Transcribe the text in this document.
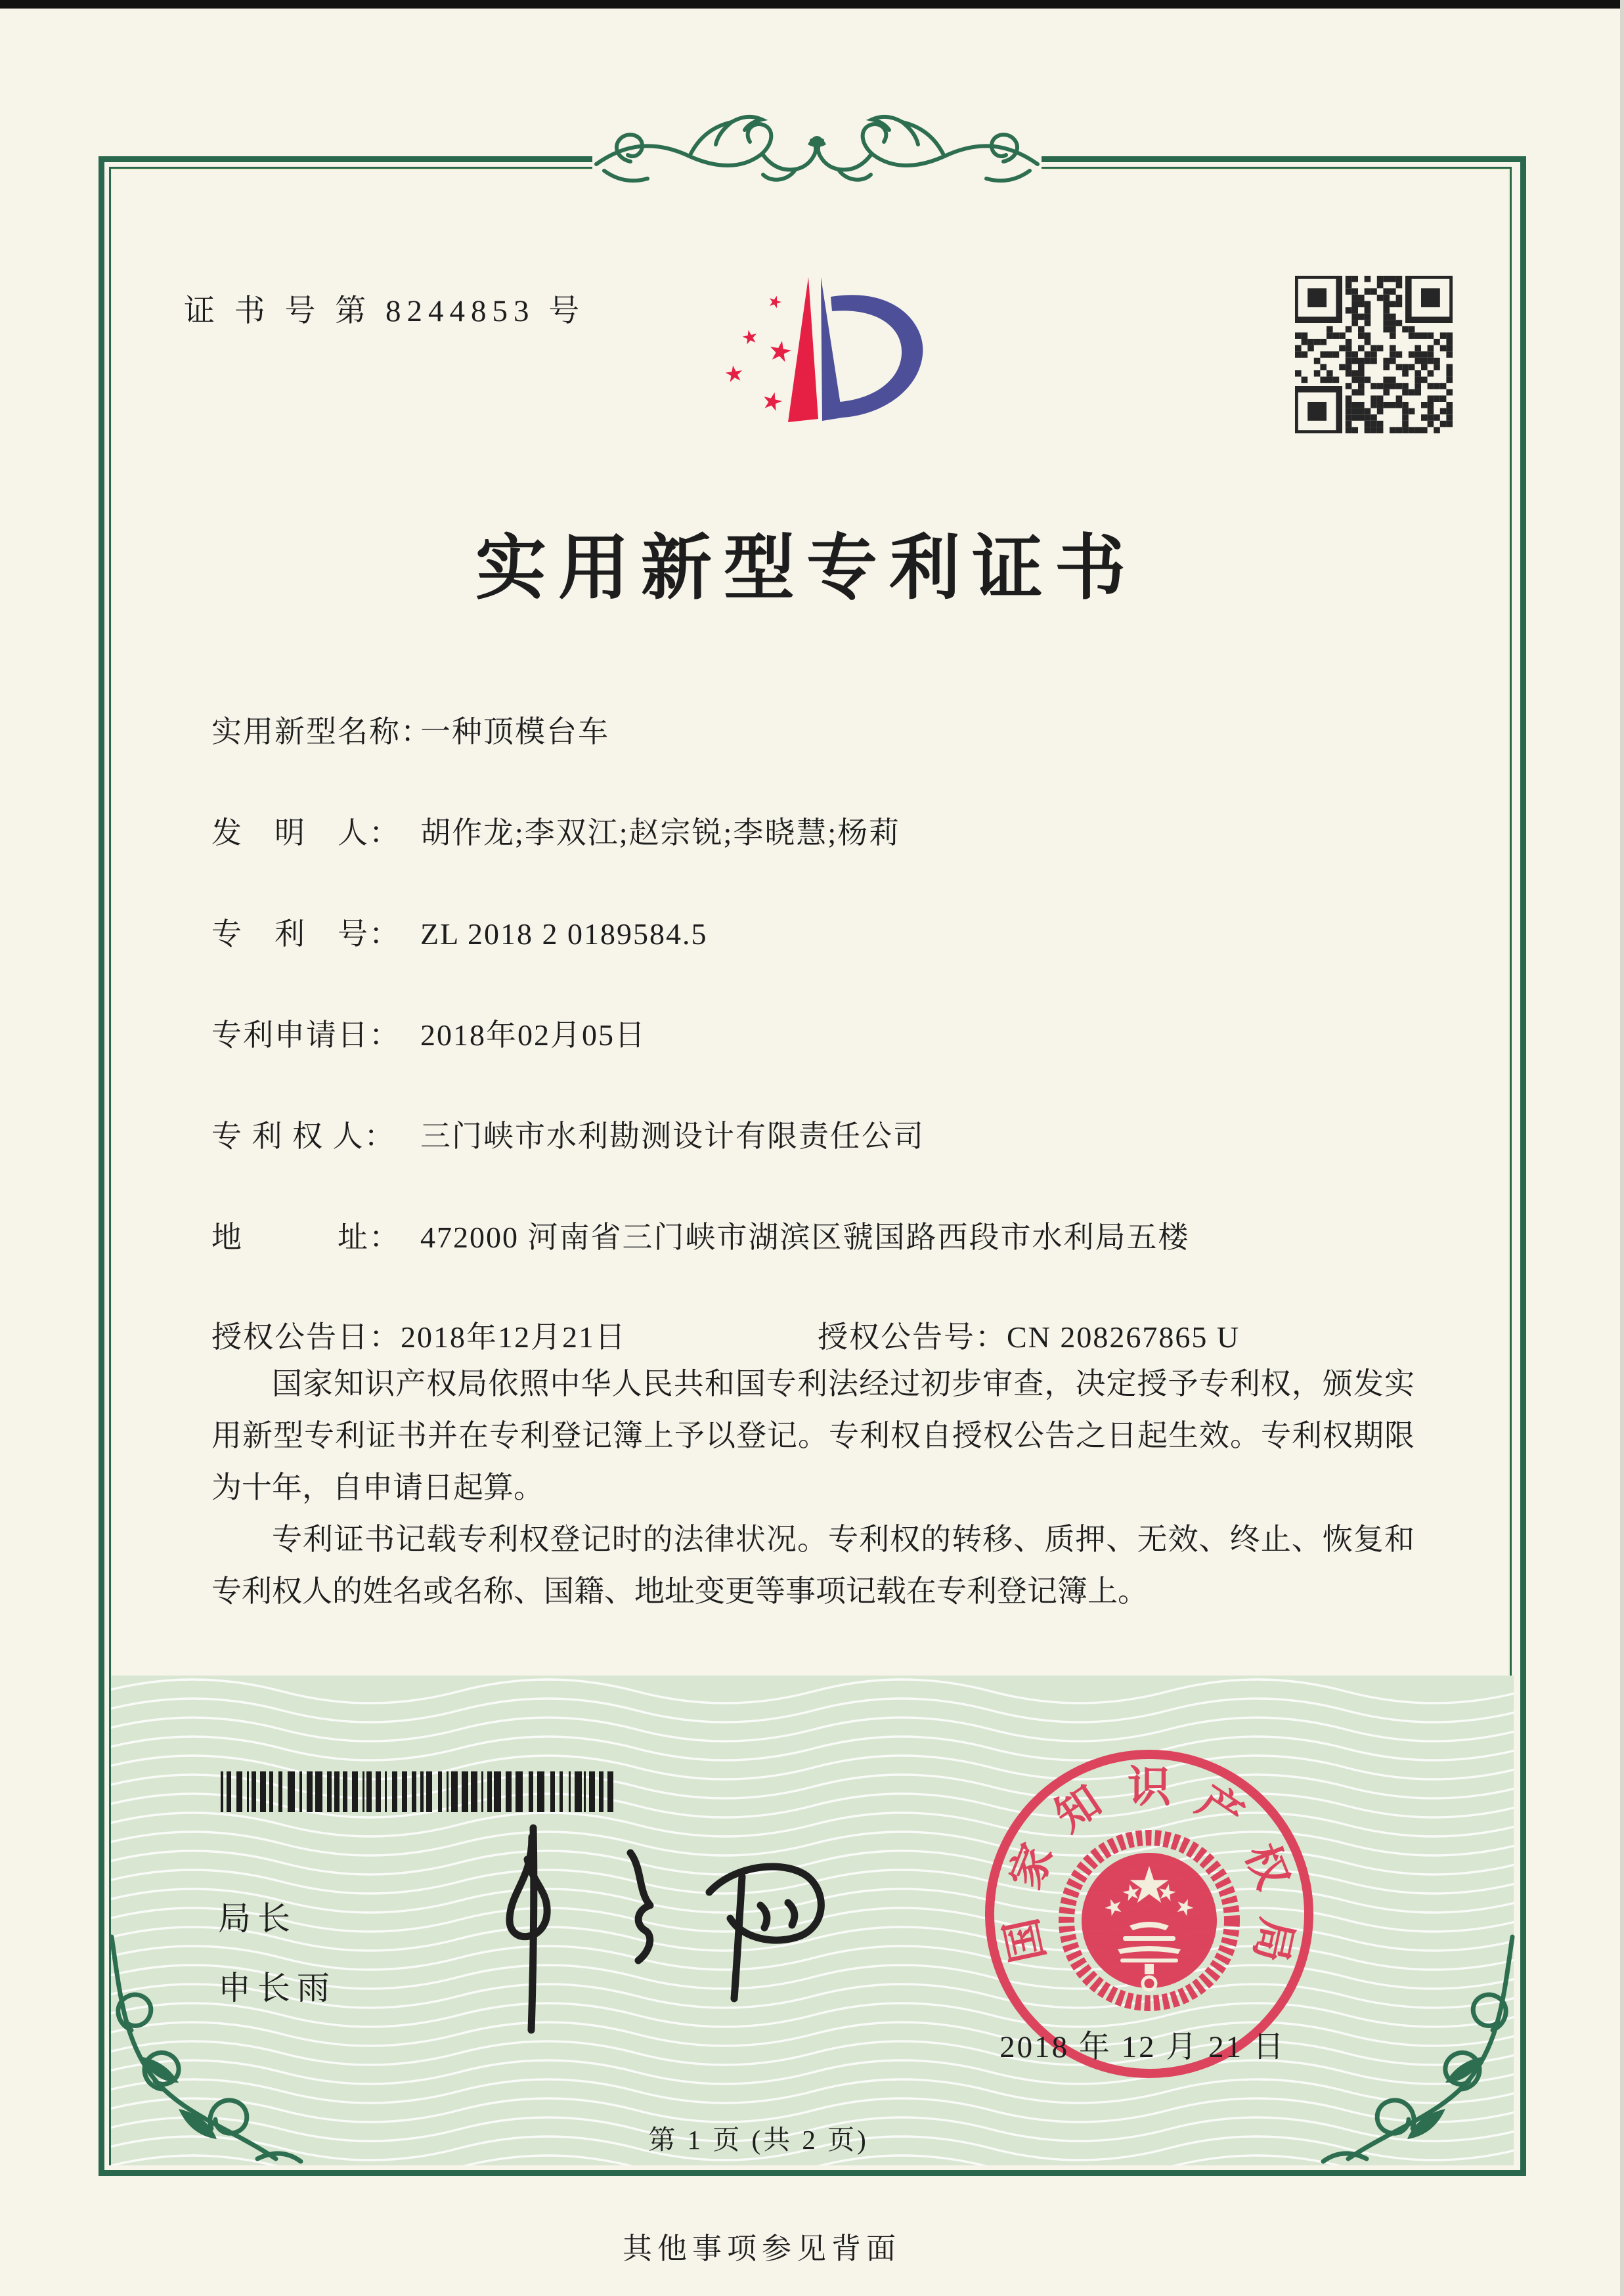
证 书 号 第 8244853 号
实用新型专利证书
实用新型名称：一种顶模台车
发　明　人： 胡作龙;李双江;赵宗锐;李晓慧;杨莉
专　利　号： ZL 2018 2 0189584.5
专利申请日： 2018年02月05日
专 利 权 人： 三门峡市水利勘测设计有限责任公司
地　　　址： 472000 河南省三门峡市湖滨区虢国路西段市水利局五楼
授权公告日：2018年12月21日	授权公告号：CN 208267865 U

国家知识产权局依照中华人民共和国专利法经过初步审查，决定授予专利权，颁发实用新型专利证书并在专利登记簿上予以登记。专利权自授权公告之日起生效。专利权期限为十年，自申请日起算。

专利证书记载专利权登记时的法律状况。专利权的转移、质押、无效、终止、恢复和专利权人的姓名或名称、国籍、地址变更等事项记载在专利登记簿上。

局长
申长雨
国
家
知 识 产
权
局
2018 年 12 月 21 日
第 1 页 (共 2 页)
其他事项参见背面
